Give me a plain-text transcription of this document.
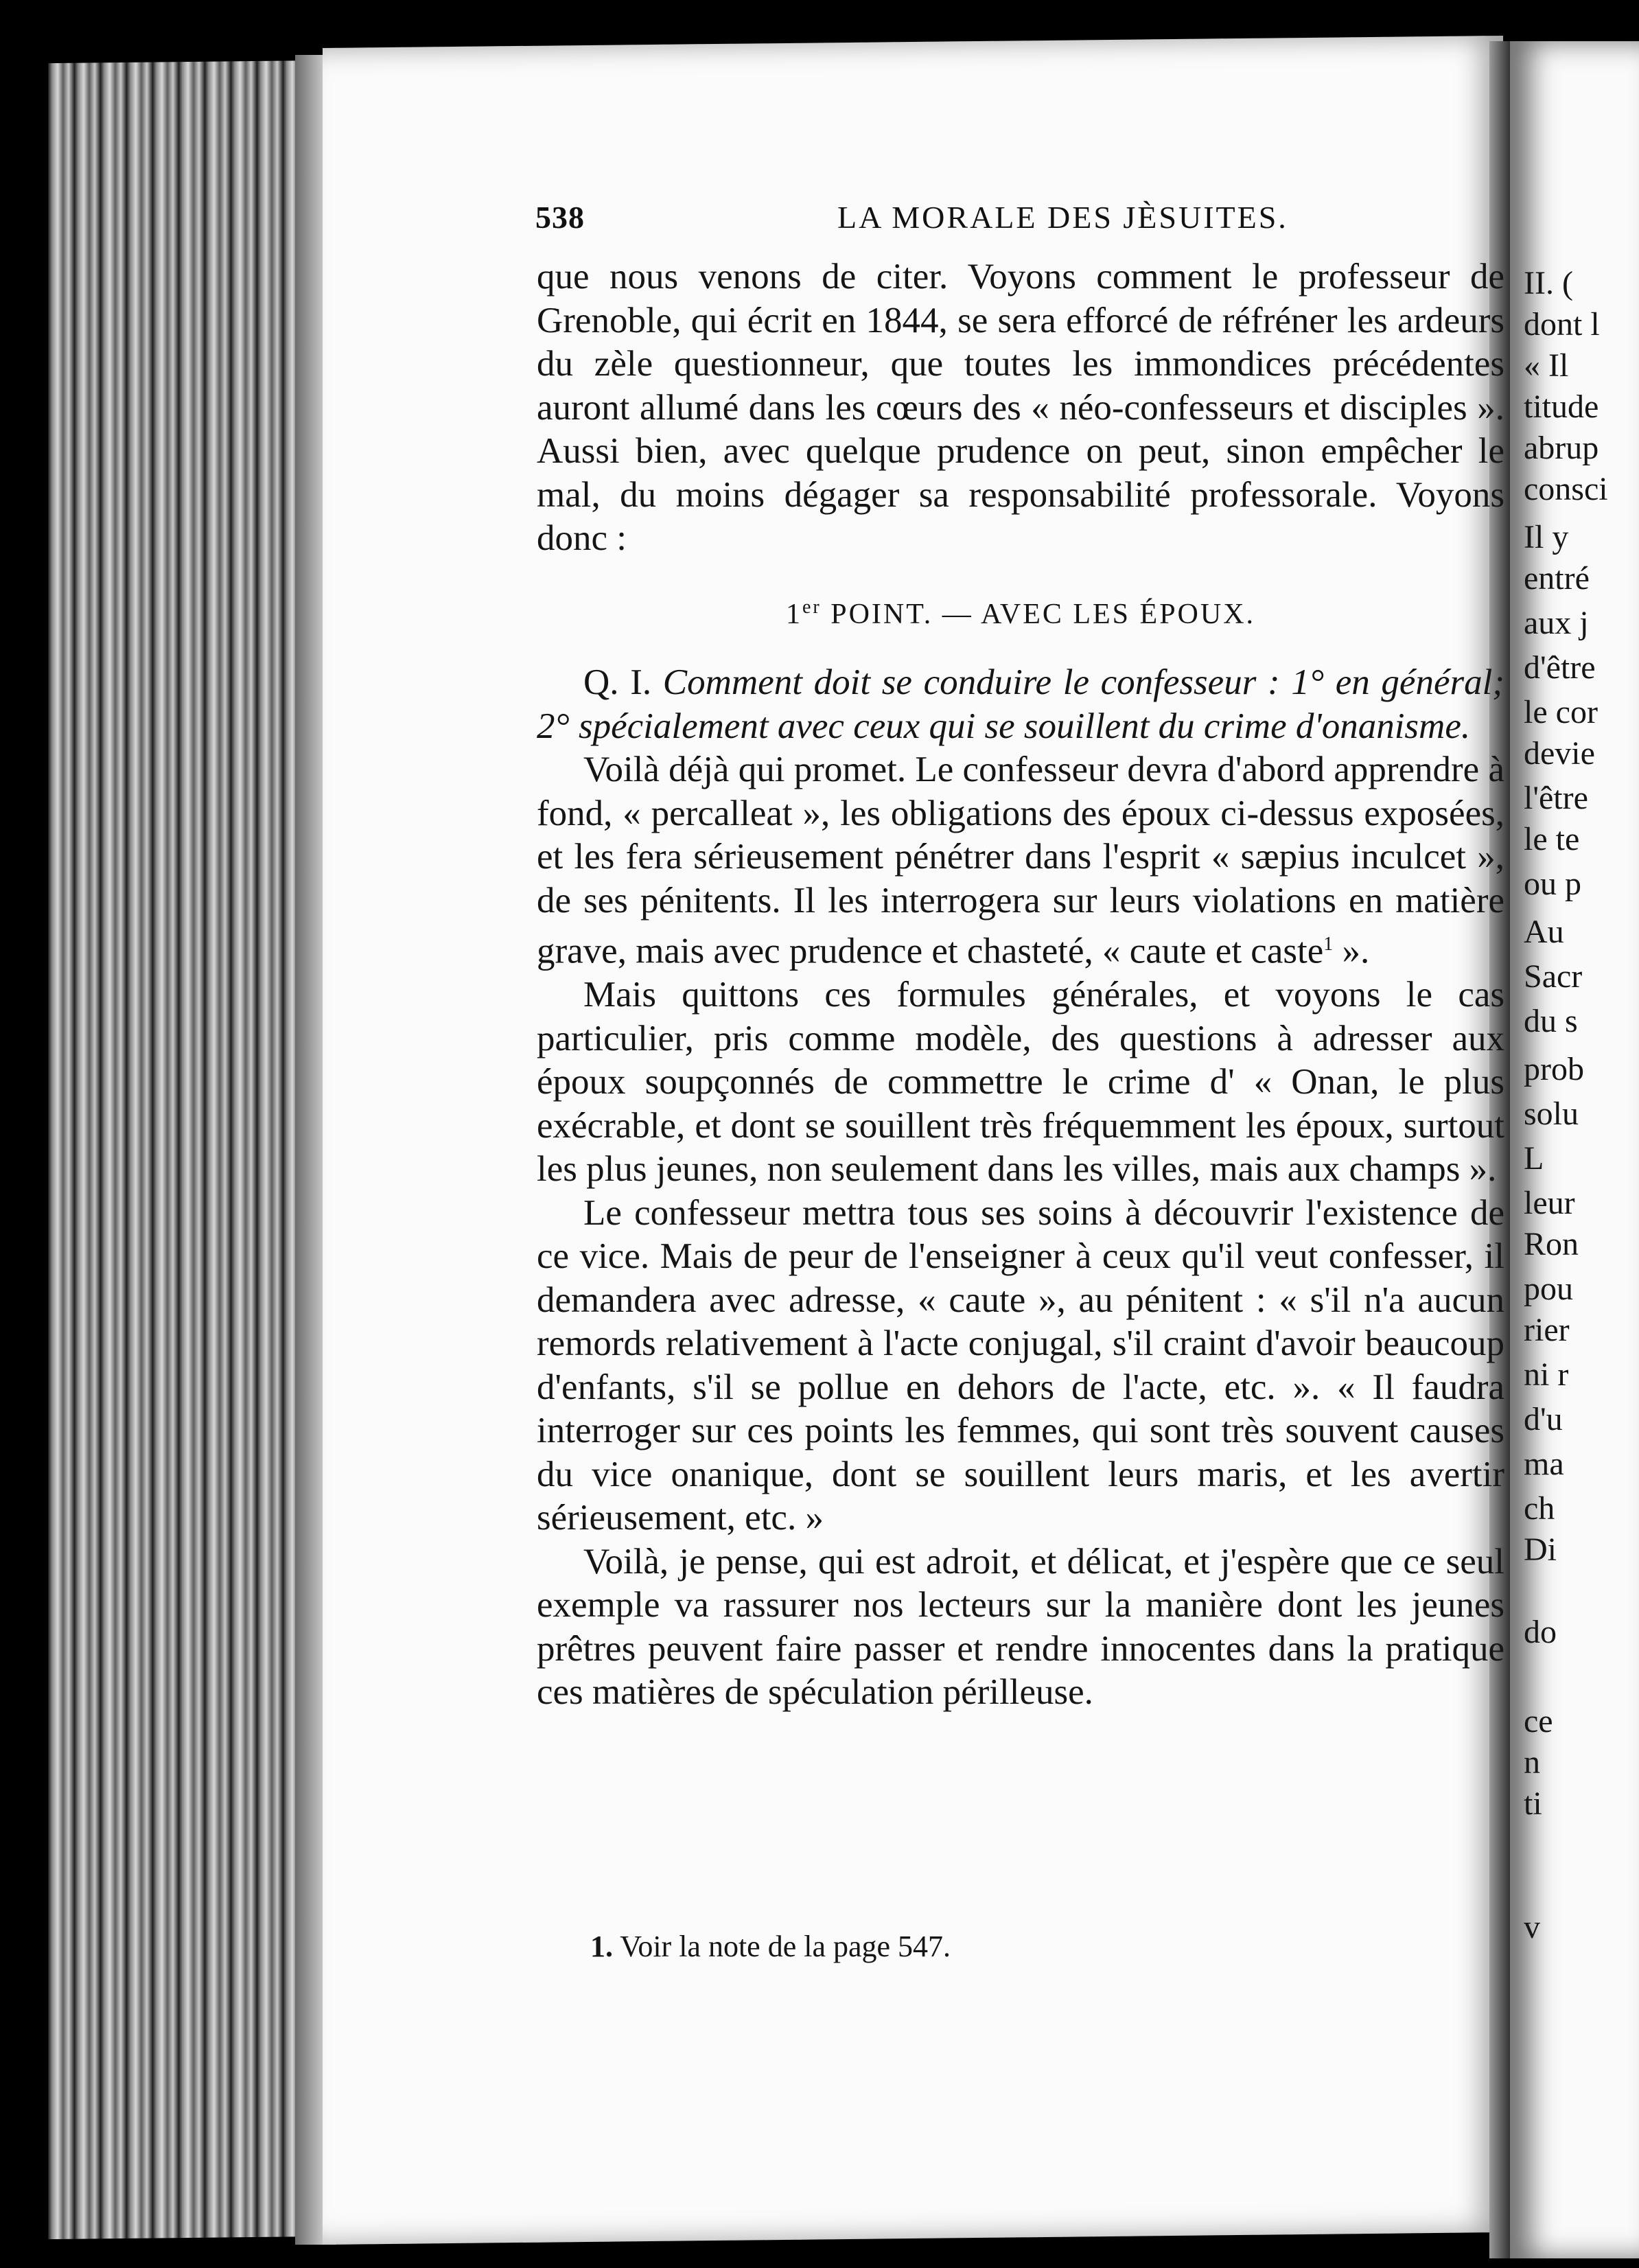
II. (
dont l
« Il
titude
abrup
consci
Il y
entré
aux j
d'être
le cor
devie
l'être
le te
ou p
Au
Sacr
du s
prob
solu
L
leur
Ron
pou
rier
ni r
d'u
ma
ch
Di
do
ce
n
ti
v
538	LA MORALE DES JÈSUITES.

que nous venons de citer. Voyons comment le professeur de Grenoble, qui écrit en 1844, se sera efforcé de réfréner les ardeurs du zèle questionneur, que toutes les immondices précédentes auront allumé dans les cœurs des « néo-confesseurs et disciples ». Aussi bien, avec quelque prudence on peut, sinon empêcher le mal, du moins dégager sa responsabilité professorale. Voyons donc :

1er POINT. — AVEC LES ÉPOUX.

Q. I. Comment doit se conduire le confesseur : 1° en général; 2° spécialement avec ceux qui se souillent du crime d'onanisme.

Voilà déjà qui promet. Le confesseur devra d'abord apprendre à fond, « percalleat », les obligations des époux ci-dessus exposées, et les fera sérieusement pénétrer dans l'esprit « sæpius inculcet », de ses pénitents. Il les interrogera sur leurs violations en matière grave, mais avec prudence et chasteté, « caute et caste$^1$ ».

Mais quittons ces formules générales, et voyons le cas particulier, pris comme modèle, des questions à adresser aux époux soupçonnés de commettre le crime d' « Onan, le plus exécrable, et dont se souillent très fréquemment les époux, surtout les plus jeunes, non seulement dans les villes, mais aux champs ».

Le confesseur mettra tous ses soins à découvrir l'existence de ce vice. Mais de peur de l'enseigner à ceux qu'il veut confesser, il demandera avec adresse, « caute », au pénitent : « s'il n'a aucun remords relativement à l'acte conjugal, s'il craint d'avoir beaucoup d'enfants, s'il se pollue en dehors de l'acte, etc. ». « Il faudra interroger sur ces points les femmes, qui sont très souvent causes du vice onanique, dont se souillent leurs maris, et les avertir sérieusement, etc. »

Voilà, je pense, qui est adroit, et délicat, et j'espère que ce seul exemple va rassurer nos lecteurs sur la manière dont les jeunes prêtres peuvent faire passer et rendre innocentes dans la pratique ces matières de spéculation périlleuse.

1. Voir la note de la page 547.
